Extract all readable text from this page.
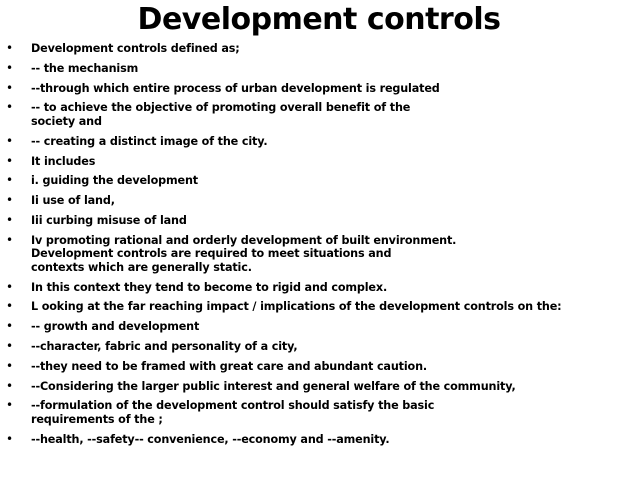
Development controls
• Development controls defined as;
• -- the mechanism
• --through which entire process of urban development is regulated
• -- to achieve the objective of promoting overall benefit of the
society and
• -- creating a distinct image of the city.
• It includes
• i. guiding the development
• Ii use of land,
• Iii curbing misuse of land
• Iv promoting rational and orderly development of built environment.
Development controls are required to meet situations and
contexts which are generally static.
• In this context they tend to become to rigid and complex.
• L ooking at the far reaching impact / implications of the development controls on the:
• -- growth and development
• --character, fabric and personality of a city,
• --they need to be framed with great care and abundant caution.
• --Considering the larger public interest and general welfare of the community,
• --formulation of the development control should satisfy the basic
requirements of the ;
• --health, --safety-- convenience, --economy and --amenity.
